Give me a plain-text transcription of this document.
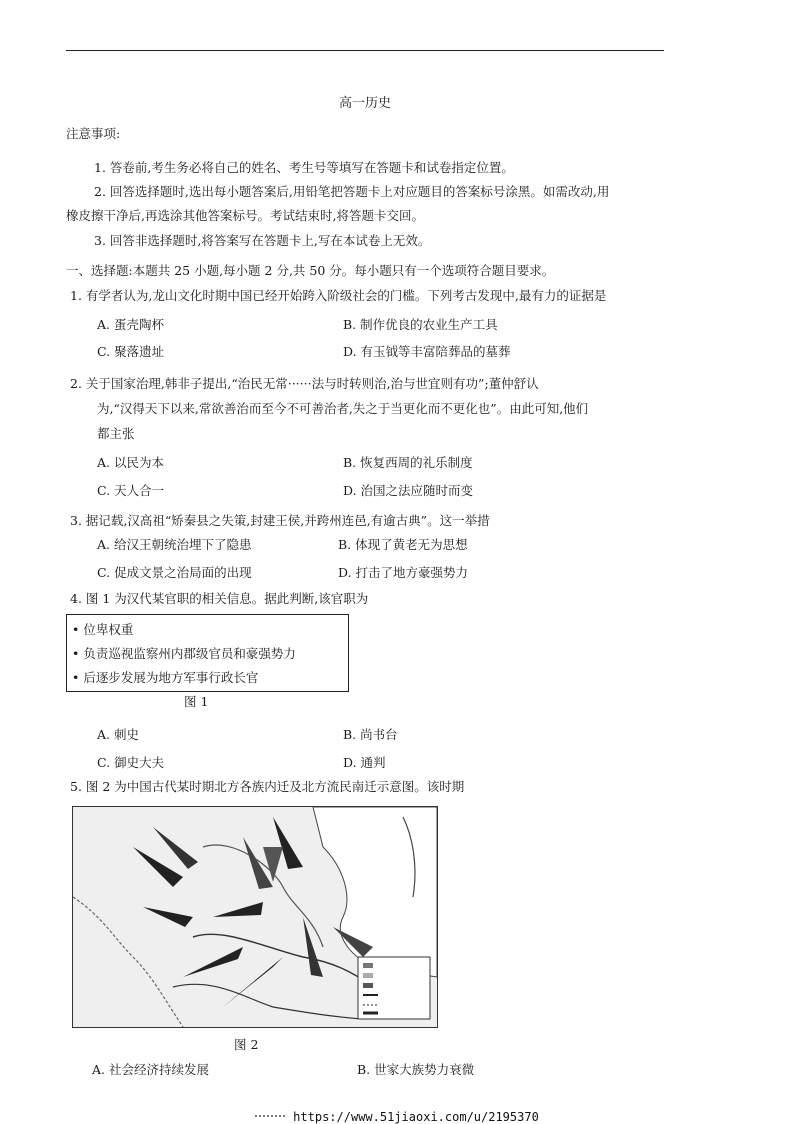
高一历史
注意事项:
1. 答卷前,考生务必将自己的姓名、考生号等填写在答题卡和试卷指定位置。
2. 回答选择题时,选出每小题答案后,用铅笔把答题卡上对应题目的答案标号涂黑。如需改动,用
橡皮擦干净后,再选涂其他答案标号。考试结束时,将答题卡交回。
3. 回答非选择题时,将答案写在答题卡上,写在本试卷上无效。
一、选择题:本题共 25 小题,每小题 2 分,共 50 分。每小题只有一个选项符合题目要求。
1. 有学者认为,龙山文化时期中国已经开始跨入阶级社会的门槛。下列考古发现中,最有力的证据是
A. 蛋壳陶杯	B. 制作优良的农业生产工具
C. 聚落遗址	D. 有玉钺等丰富陪葬品的墓葬
2. 关于国家治理,韩非子提出,“治民无常······法与时转则治,治与世宜则有功”;董仲舒认
为,“汉得天下以来,常欲善治而至今不可善治者,失之于当更化而不更化也”。由此可知,他们
都主张
A. 以民为本	B. 恢复西周的礼乐制度
C. 天人合一	D. 治国之法应随时而变
3. 据记载,汉高祖“矫秦县之失策,封建王侯,并跨州连邑,有逾古典”。这一举措
A. 给汉王朝统治埋下了隐患	B. 体现了黄老无为思想
C. 促成文景之治局面的出现	D. 打击了地方豪强势力
4. 图 1 为汉代某官职的相关信息。据此判断,该官职为
• 位卑权重
• 负责巡视监察州内郡级官员和豪强势力
• 后逐步发展为地方军事行政长官
图 1
A. 刺史	B. 尚书台
C. 御史大夫	D. 通判
5. 图 2 为中国古代某时期北方各族内迁及北方流民南迁示意图。该时期
图 2
A. 社会经济持续发展	B. 世家大族势力衰微
https://www.51jiaoxi.com/u/2195370
